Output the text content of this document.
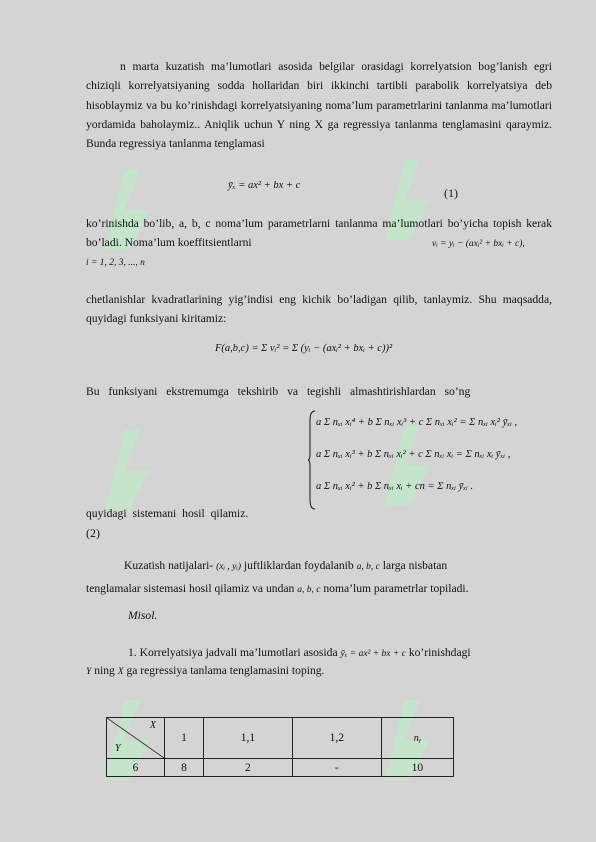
n marta kuzatish ma’lumotlari asosida belgilar orasidagi korrelyatsion bog’lanish egri chiziqli korrelyatsiyaning sodda hollaridan biri ikkinchi tartibli parabolik korrelyatsiya deb hisoblaymiz va bu ko’rinishdagi korrelyatsiyaning noma’lum parametrlarini tanlanma ma’lumotlari yordamida baholaymiz.. Aniqlik uchun Y ning X ga regressiya tanlanma tenglamasini qaraymiz. Bunda regressiya tanlanma tenglamasi
ȳₓ = ax² + bx + c
(1)
ko’rinishda bo’lib, a, b, c noma’lum parametrlarni tanlanma ma’lumotlari bo’yicha topish kerak bo’ladi. Noma’lum koeffitsientlarni	vᵢ = yᵢ − (axᵢ² + bxᵢ + c),
i = 1, 2, 3, ..., n
chetlanishlar kvadratlarining yig’indisi eng kichik bo’ladigan qilib, tanlaymiz. Shu maqsadda, quyidagi funksiyani kiritamiz:
F(a,b,c) = Σ vᵢ² = Σ (yᵢ − (axᵢ² + bxᵢ + c))²
Bu funksiyani ekstremumga tekshirib va tegishli almashtirishlardan so’ng
a Σ nₓᵢ xᵢ⁴ + b Σ nₓᵢ xᵢ³ + c Σ nₓᵢ xᵢ² = Σ nₓᵢ xᵢ² ȳₓᵢ ,
a Σ nₓᵢ xᵢ³ + b Σ nₓᵢ xᵢ² + c Σ nₓᵢ xᵢ = Σ nₓᵢ xᵢ ȳₓᵢ ,
a Σ nₓᵢ xᵢ² + b Σ nₓᵢ xᵢ + cn = Σ nₓᵢ ȳₓᵢ .
quyidagi sistemani hosil qilamiz.
(2)
Kuzatish natijalari- (xᵢ , yᵢ) juftliklardan foydalanib a, b, c larga nisbatan
tenglamalar sistemasi hosil qilamiz va undan a, b, c noma’lum parametrlar topiladi.
Misol.
1. Korrelyatsiya jadvali ma’lumotlari asosida ȳₓ = ax² + bx + c ko’rinishdagi
Y ning X ga regressiya tanlama tenglamasini toping.
X
Y	1	1,1	1,2	nᵧ
6	8	2	-	10
